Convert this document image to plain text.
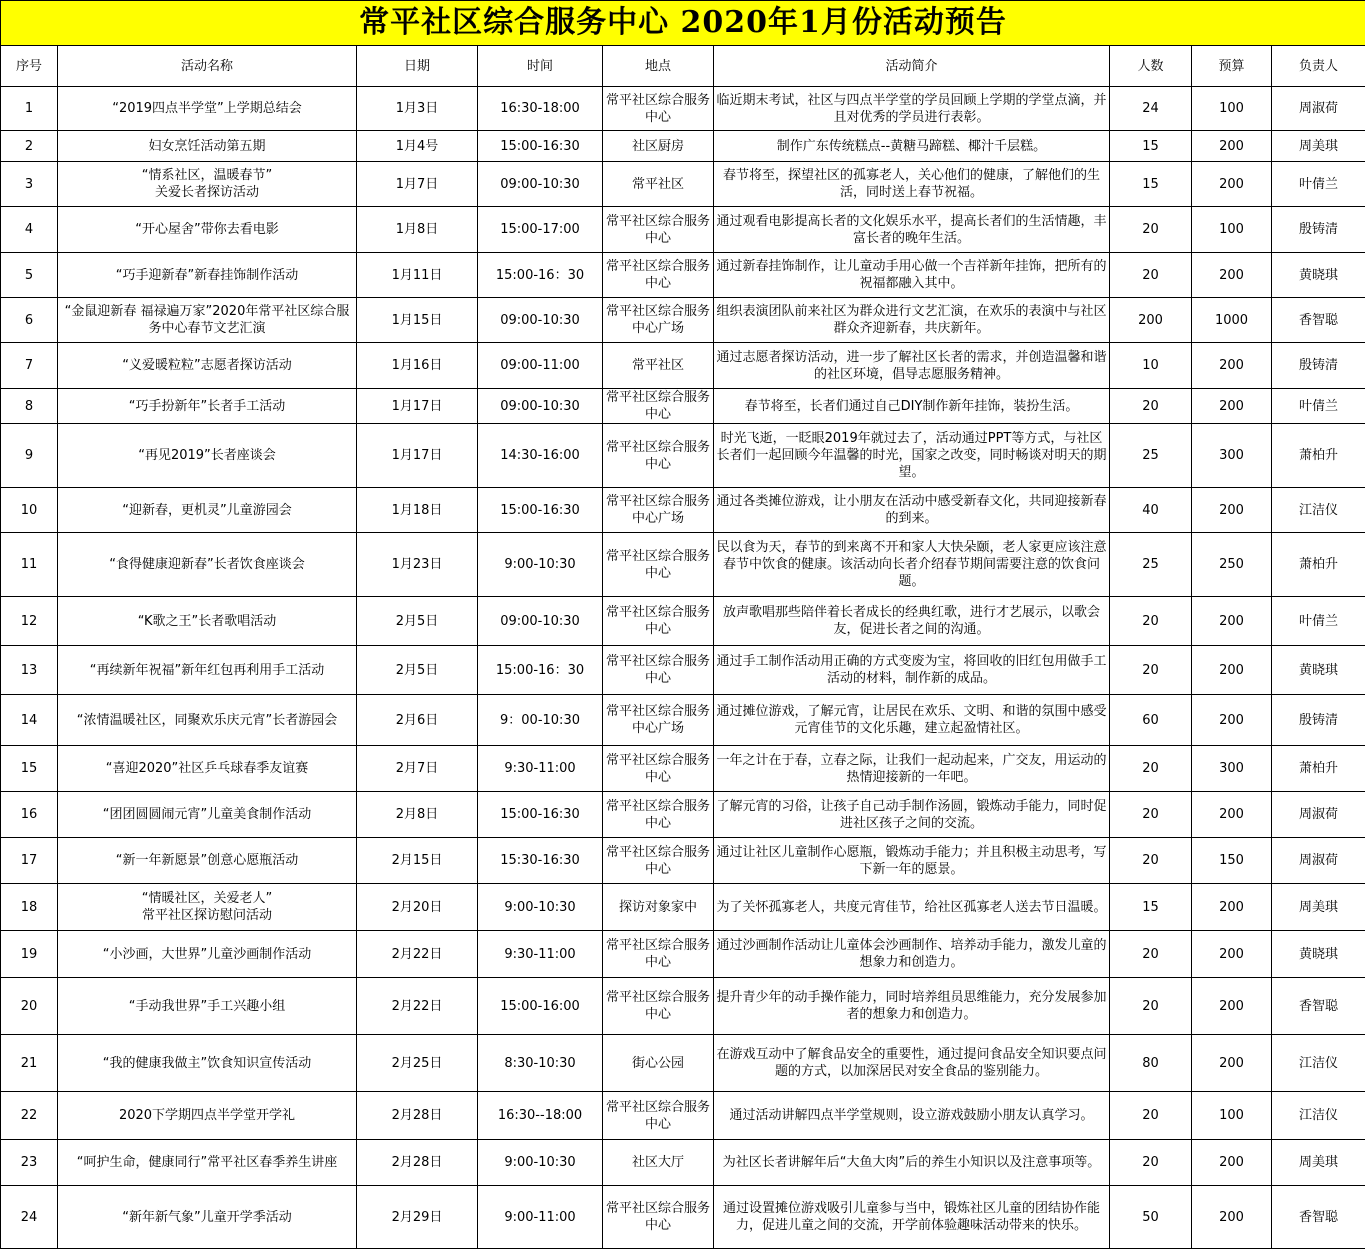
常平社区综合服务中心 2020年1月份活动预告								
序号	活动名称	日期	时间	地点	活动简介	人数	预算	负责人
1	“2019四点半学堂”上学期总结会	1月3日	16:30-18:00	常平社区综合服务中心	临近期末考试，社区与四点半学堂的学员回顾上学期的学堂点滴，并且对优秀的学员进行表彰。	24	100	周淑荷
2	妇女烹饪活动第五期	1月4号	15:00-16:30	社区厨房	制作广东传统糕点--黄糖马蹄糕、椰汁千层糕。	15	200	周美琪
3	“情系社区，温暖春节”
关爱长者探访活动	1月7日	09:00-10:30	常平社区	春节将至，探望社区的孤寡老人，关心他们的健康，了解他们的生活，同时送上春节祝福。	15	200	叶倩兰
4	“开心屋舍”带你去看电影	1月8日	15:00-17:00	常平社区综合服务中心	通过观看电影提高长者的文化娱乐水平，提高长者们的生活情趣，丰富长者的晚年生活。	20	100	殷铸清
5	“巧手迎新春”新春挂饰制作活动	1月11日	15:00-16：30	常平社区综合服务中心	通过新春挂饰制作，让儿童动手用心做一个吉祥新年挂饰，把所有的祝福都融入其中。	20	200	黄晓琪
6	“金鼠迎新春 福禄遍万家”2020年常平社区综合服务中心春节文艺汇演	1月15日	09:00-10:30	常平社区综合服务中心广场	组织表演团队前来社区为群众进行文艺汇演，在欢乐的表演中与社区群众齐迎新春，共庆新年。	200	1000	香智聪
7	“义爱暖粒粒”志愿者探访活动	1月16日	09:00-11:00	常平社区	通过志愿者探访活动，进一步了解社区长者的需求，并创造温馨和谐的社区环境，倡导志愿服务精神。	10	200	殷铸清
8	“巧手扮新年”长者手工活动	1月17日	09:00-10:30	常平社区综合服务中心	春节将至，长者们通过自己DIY制作新年挂饰，装扮生活。	20	200	叶倩兰
9	“再见2019”长者座谈会	1月17日	14:30-16:00	常平社区综合服务中心	时光飞逝，一眨眼2019年就过去了，活动通过PPT等方式，与社区长者们一起回顾今年温馨的时光，国家之改变，同时畅谈对明天的期望。	25	300	萧柏升
10	“迎新春，更机灵”儿童游园会	1月18日	15:00-16:30	常平社区综合服务中心广场	通过各类摊位游戏，让小朋友在活动中感受新春文化，共同迎接新春的到来。	40	200	江洁仪
11	“食得健康迎新春”长者饮食座谈会	1月23日	9:00-10:30	常平社区综合服务中心	民以食为天，春节的到来离不开和家人大快朵颐，老人家更应该注意春节中饮食的健康。该活动向长者介绍春节期间需要注意的饮食问题。	25	250	萧柏升
12	“K歌之王”长者歌唱活动	2月5日	09:00-10:30	常平社区综合服务中心	放声歌唱那些陪伴着长者成长的经典红歌，进行才艺展示，以歌会友，促进长者之间的沟通。	20	200	叶倩兰
13	“再续新年祝福”新年红包再利用手工活动	2月5日	15:00-16：30	常平社区综合服务中心	通过手工制作活动用正确的方式变废为宝，将回收的旧红包用做手工活动的材料，制作新的成品。	20	200	黄晓琪
14	“浓情温暖社区，同聚欢乐庆元宵”长者游园会	2月6日	9：00-10:30	常平社区综合服务中心广场	通过摊位游戏，了解元宵，让居民在欢乐、文明、和谐的氛围中感受元宵佳节的文化乐趣，建立起盈情社区。	60	200	殷铸清
15	“喜迎2020”社区乒乓球春季友谊赛	2月7日	9:30-11:00	常平社区综合服务中心	一年之计在于春，立春之际，让我们一起动起来，广交友，用运动的热情迎接新的一年吧。	20	300	萧柏升
16	“团团圆圆闹元宵”儿童美食制作活动	2月8日	15:00-16:30	常平社区综合服务中心	了解元宵的习俗，让孩子自己动手制作汤圆，锻炼动手能力，同时促进社区孩子之间的交流。	20	200	周淑荷
17	“新一年新愿景”创意心愿瓶活动	2月15日	15:30-16:30	常平社区综合服务中心	通过让社区儿童制作心愿瓶，锻炼动手能力；并且积极主动思考，写下新一年的愿景。	20	150	周淑荷
18	“情暖社区，关爱老人”
常平社区探访慰问活动	2月20日	9:00-10:30	探访对象家中	为了关怀孤寡老人，共度元宵佳节，给社区孤寡老人送去节日温暖。	15	200	周美琪
19	“小沙画，大世界”儿童沙画制作活动	2月22日	9:30-11:00	常平社区综合服务中心	通过沙画制作活动让儿童体会沙画制作、培养动手能力，激发儿童的想象力和创造力。	20	200	黄晓琪
20	“手动我世界”手工兴趣小组	2月22日	15:00-16:00	常平社区综合服务中心	提升青少年的动手操作能力，同时培养组员思维能力，充分发展参加者的想象力和创造力。	20	200	香智聪
21	“我的健康我做主”饮食知识宣传活动	2月25日	8:30-10:30	街心公园	在游戏互动中了解食品安全的重要性，通过提问食品安全知识要点问题的方式，以加深居民对安全食品的鉴别能力。	80	200	江洁仪
22	2020下学期四点半学堂开学礼	2月28日	16:30--18:00	常平社区综合服务中心	通过活动讲解四点半学堂规则，设立游戏鼓励小朋友认真学习。	20	100	江洁仪
23	“呵护生命，健康同行”常平社区春季养生讲座	2月28日	9:00-10:30	社区大厅	为社区长者讲解年后“大鱼大肉”后的养生小知识以及注意事项等。	20	200	周美琪
24	“新年新气象”儿童开学季活动	2月29日	9:00-11:00	常平社区综合服务中心	通过设置摊位游戏吸引儿童参与当中，锻炼社区儿童的团结协作能力，促进儿童之间的交流，开学前体验趣味活动带来的快乐。	50	200	香智聪
